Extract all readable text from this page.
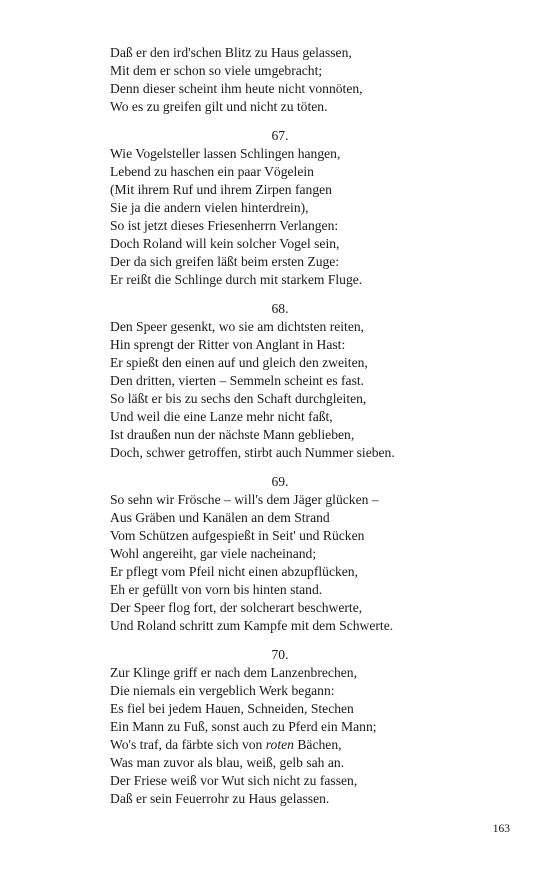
Daß er den ird'schen Blitz zu Haus gelassen,
Mit dem er schon so viele umgebracht;
Denn dieser scheint ihm heute nicht vonnöten,
Wo es zu greifen gilt und nicht zu töten.
67.
Wie Vogelsteller lassen Schlingen hangen,
Lebend zu haschen ein paar Vögelein
(Mit ihrem Ruf und ihrem Zirpen fangen
Sie ja die andern vielen hinterdrein),
So ist jetzt dieses Friesenherrn Verlangen:
Doch Roland will kein solcher Vogel sein,
Der da sich greifen läßt beim ersten Zuge:
Er reißt die Schlinge durch mit starkem Fluge.
68.
Den Speer gesenkt, wo sie am dichtsten reiten,
Hin sprengt der Ritter von Anglant in Hast:
Er spießt den einen auf und gleich den zweiten,
Den dritten, vierten – Semmeln scheint es fast.
So läßt er bis zu sechs den Schaft durchgleiten,
Und weil die eine Lanze mehr nicht faßt,
Ist draußen nun der nächste Mann geblieben,
Doch, schwer getroffen, stirbt auch Nummer sieben.
69.
So sehn wir Frösche – will's dem Jäger glücken –
Aus Gräben und Kanälen an dem Strand
Vom Schützen aufgespießt in Seit' und Rücken
Wohl angereiht, gar viele nacheinand;
Er pflegt vom Pfeil nicht einen abzupflücken,
Eh er gefüllt von vorn bis hinten stand.
Der Speer flog fort, der solcherart beschwerte,
Und Roland schritt zum Kampfe mit dem Schwerte.
70.
Zur Klinge griff er nach dem Lanzenbrechen,
Die niemals ein vergeblich Werk begann:
Es fiel bei jedem Hauen, Schneiden, Stechen
Ein Mann zu Fuß, sonst auch zu Pferd ein Mann;
Wo's traf, da färbte sich von roten Bächen,
Was man zuvor als blau, weiß, gelb sah an.
Der Friese weiß vor Wut sich nicht zu fassen,
Daß er sein Feuerrohr zu Haus gelassen.
163
